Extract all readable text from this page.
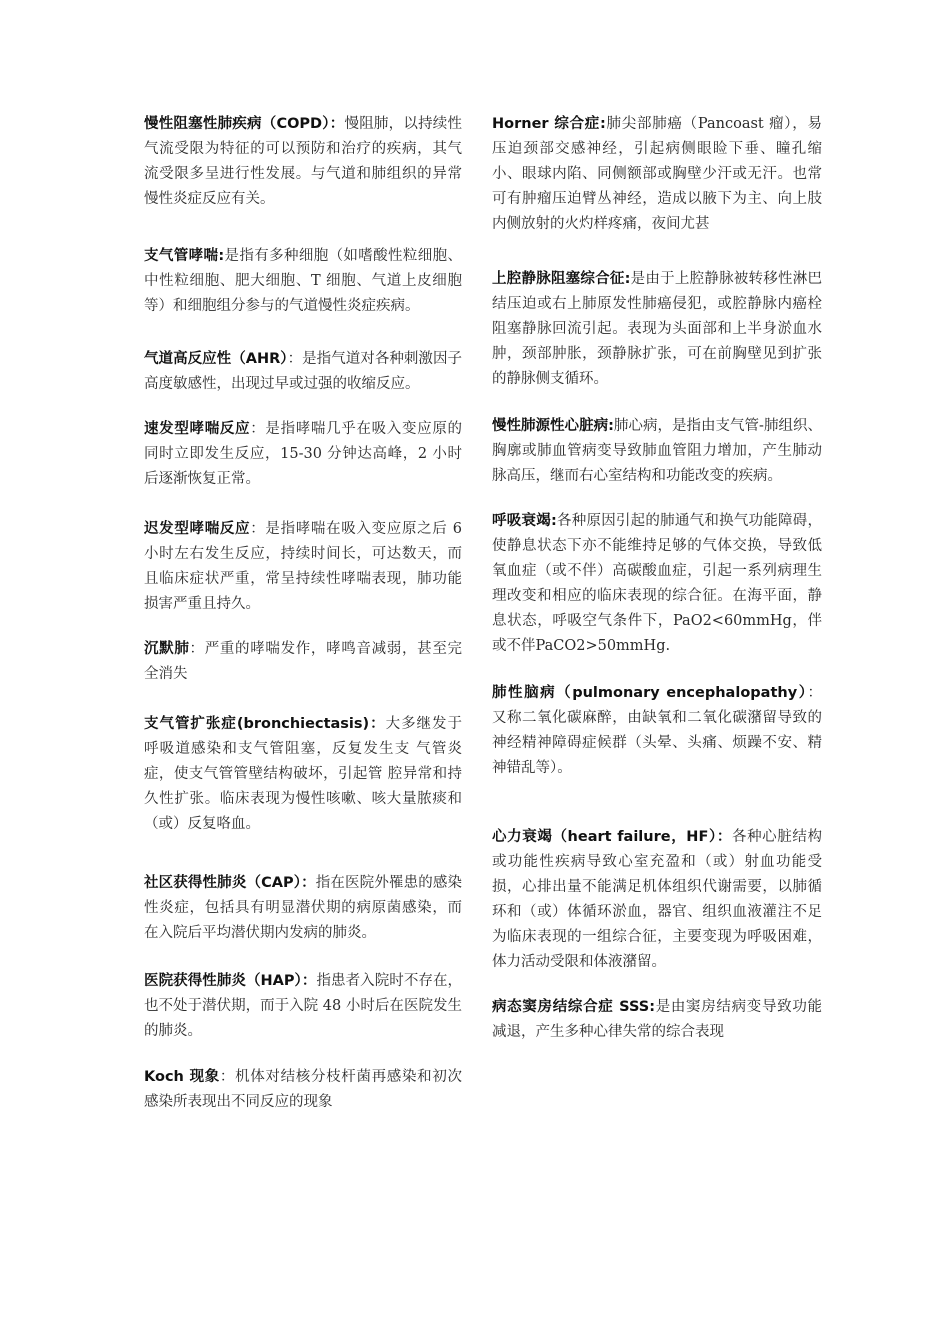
慢性阻塞性肺疾病（COPD）：慢阻肺，以持续性气流受限为特征的可以预防和治疗的疾病，其气流受限多呈进行性发展。与气道和肺组织的异常慢性炎症反应有关。
支气管哮喘:是指有多种细胞（如嗜酸性粒细胞、中性粒细胞、肥大细胞、T 细胞、气道上皮细胞等）和细胞组分参与的气道慢性炎症疾病。
气道高反应性（AHR）：是指气道对各种刺激因子高度敏感性，出现过早或过强的收缩反应。
速发型哮喘反应：是指哮喘几乎在吸入变应原的同时立即发生反应，15-30 分钟达高峰，2 小时后逐渐恢复正常。
迟发型哮喘反应：是指哮喘在吸入变应原之后 6 小时左右发生反应，持续时间长，可达数天，而且临床症状严重，常呈持续性哮喘表现，肺功能损害严重且持久。
沉默肺：严重的哮喘发作，哮鸣音减弱，甚至完全消失
支气管扩张症(bronchiectasis)：大多继发于呼吸道感染和支气管阻塞，反复发生支 气管炎症，使支气管管壁结构破坏，引起管 腔异常和持久性扩张。临床表现为慢性咳嗽、咳大量脓痰和（或）反复咯血。
社区获得性肺炎（CAP）：指在医院外罹患的感染性炎症，包括具有明显潜伏期的病原菌感染，而在入院后平均潜伏期内发病的肺炎。
医院获得性肺炎（HAP）：指患者入院时不存在，也不处于潜伏期，而于入院 48 小时后在医院发生的肺炎。
Koch 现象：机体对结核分枝杆菌再感染和初次感染所表现出不同反应的现象
Horner 综合症:肺尖部肺癌（Pancoast 瘤），易压迫颈部交感神经，引起病侧眼睑下垂、瞳孔缩小、眼球内陷、同侧额部或胸壁少汗或无汗。也常可有肿瘤压迫臂丛神经，造成以腋下为主、向上肢内侧放射的火灼样疼痛，夜间尤甚
上腔静脉阻塞综合征:是由于上腔静脉被转移性淋巴结压迫或右上肺原发性肺癌侵犯，或腔静脉内癌栓阻塞静脉回流引起。表现为头面部和上半身淤血水肿，颈部肿胀，颈静脉扩张，可在前胸壁见到扩张的静脉侧支循环。
慢性肺源性心脏病:肺心病，是指由支气管-肺组织、胸廓或肺血管病变导致肺血管阻力增加，产生肺动脉高压，继而右心室结构和功能改变的疾病。
呼吸衰竭:各种原因引起的肺通气和换气功能障碍，使静息状态下亦不能维持足够的气体交换，导致低氧血症（或不伴）高碳酸血症，引起一系列病理生理改变和相应的临床表现的综合征。在海平面，静息状态，呼吸空气条件下，PaO2<60mmHg，伴或不伴PaCO2>50mmHg.
肺性脑病（pulmonary encephalopathy）：又称二氧化碳麻醉，由缺氧和二氧化碳潴留导致的神经精神障碍症候群（头晕、头痛、烦躁不安、精神错乱等）。
心力衰竭（heart failure，HF）：各种心脏结构或功能性疾病导致心室充盈和（或）射血功能受损，心排出量不能满足机体组织代谢需要，以肺循环和（或）体循环淤血，器官、组织血液灌注不足为临床表现的一组综合征，主要变现为呼吸困难，体力活动受限和体液潴留。
病态窦房结综合症 SSS:是由窦房结病变导致功能减退，产生多种心律失常的综合表现
